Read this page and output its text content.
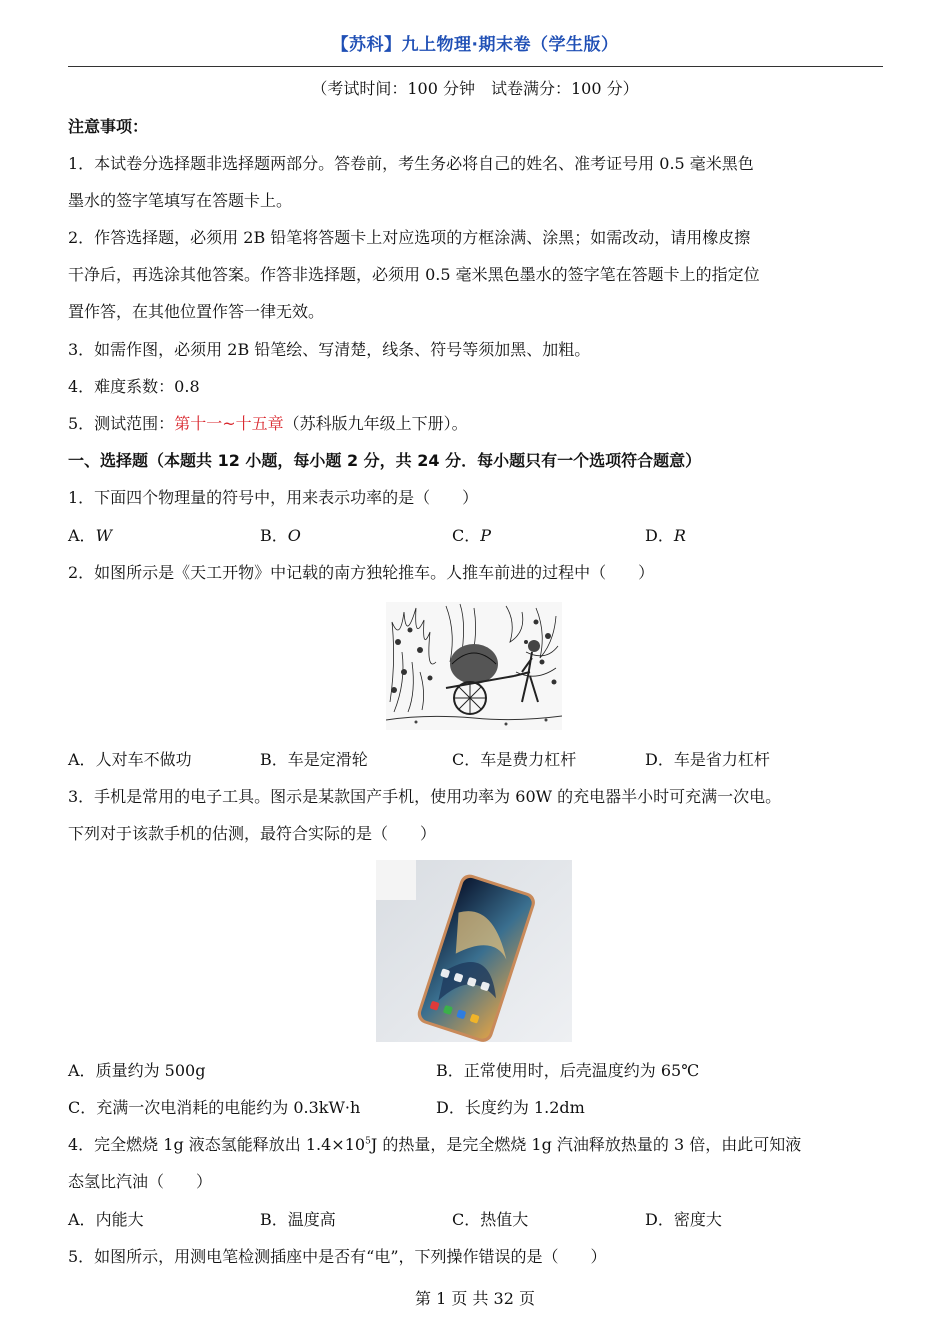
【苏科】九上物理·期末卷（学生版）
（考试时间：100 分钟　试卷满分：100 分）
注意事项：
1．本试卷分选择题非选择题两部分。答卷前，考生务必将自己的姓名、准考证号用 0.5 毫米黑色
墨水的签字笔填写在答题卡上。
2．作答选择题，必须用 2B 铅笔将答题卡上对应选项的方框涂满、涂黑；如需改动，请用橡皮擦
干净后，再选涂其他答案。作答非选择题，必须用 0.5 毫米黑色墨水的签字笔在答题卡上的指定位
置作答，在其他位置作答一律无效。
3．如需作图，必须用 2B 铅笔绘、写清楚，线条、符号等须加黑、加粗。
4．难度系数：0.8
5．测试范围：第十一~十五章（苏科版九年级上下册）。
一、选择题（本题共 12 小题，每小题 2 分，共 24 分．每小题只有一个选项符合题意）
1．下面四个物理量的符号中，用来表示功率的是（　　）
A．W	B．O	C．P	D．R
2．如图所示是《天工开物》中记载的南方独轮推车。人推车前进的过程中（　　）
A．人对车不做功	B．车是定滑轮	C．车是费力杠杆	D．车是省力杠杆
3．手机是常用的电子工具。图示是某款国产手机，使用功率为 60W 的充电器半小时可充满一次电。
下列对于该款手机的估测，最符合实际的是（　　）
A．质量约为 500g	B．正常使用时，后壳温度约为 65℃
C．充满一次电消耗的电能约为 0.3kW·h	D．长度约为 1.2dm
4．完全燃烧 1g 液态氢能释放出 $1.4\times 10^5J$ 的热量，是完全燃烧 1g 汽油释放热量的 3 倍，由此可知液
态氢比汽油（　　）
A．内能大	B．温度高	C．热值大	D．密度大
5．如图所示，用测电笔检测插座中是否有“电”，下列操作错误的是（　　）
第 1 页 共 32 页
